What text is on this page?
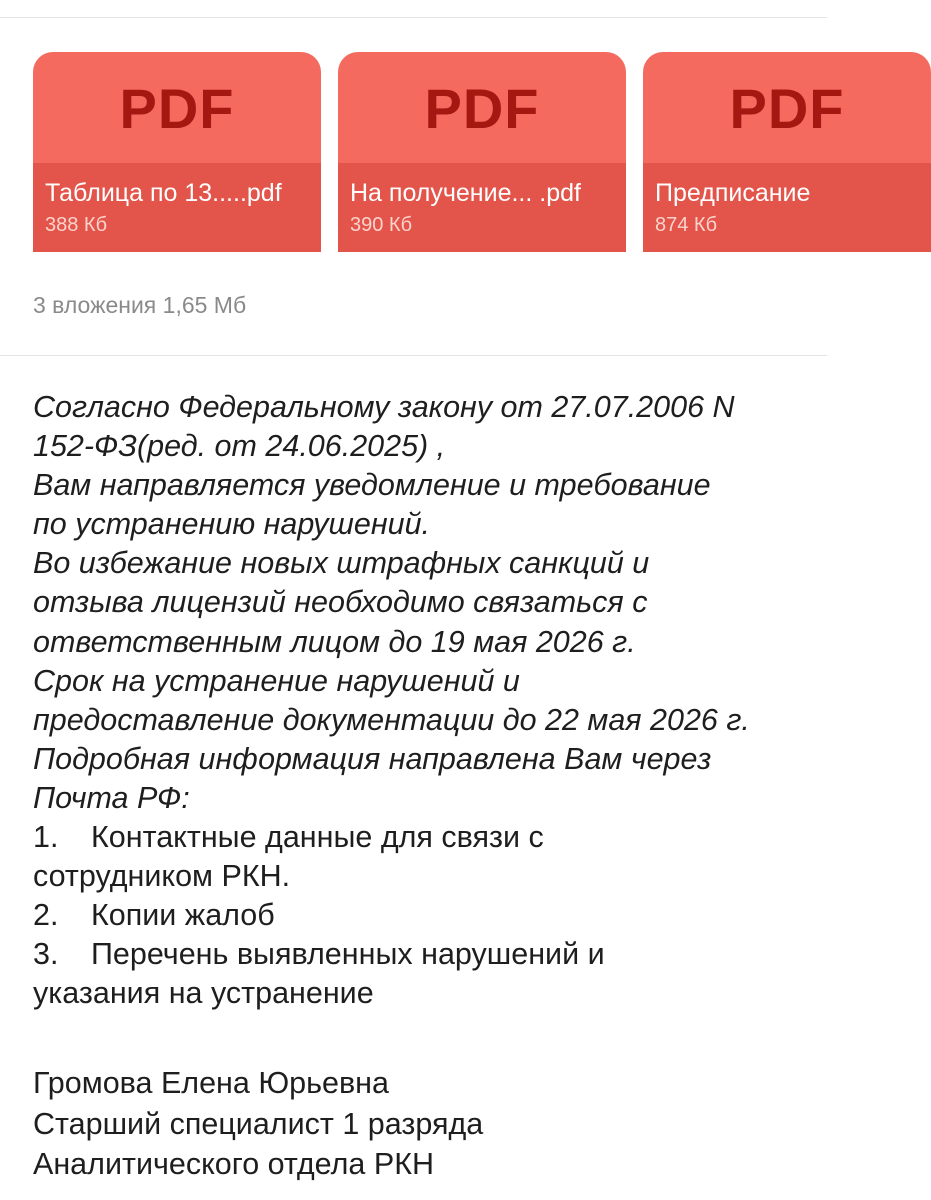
PDF
Таблица по 13.....pdf
388 Кб
PDF
На получение... .pdf
390 Кб
PDF
Предписание
874 Кб
3 вложения 1,65 Мб
Согласно Федеральному закону от 27.07.2006 N
152-ФЗ(ред. от 24.06.2025) ,
Вам направляется уведомление и требование
по устранению нарушений.
Во избежание новых штрафных санкций и
отзыва лицензий необходимо связаться с
ответственным лицом до 19 мая 2026 г.
Срок на устранение нарушений и
предоставление документации до 22 мая 2026 г.
Подробная информация направлена Вам через
Почта РФ:
1. Контактные данные для связи с
сотрудником РКН.
2. Копии жалоб
3. Перечень выявленных нарушений и
указания на устранение
Громова Елена Юрьевна
Старший специалист 1 разряда
Аналитического отдела РКН
